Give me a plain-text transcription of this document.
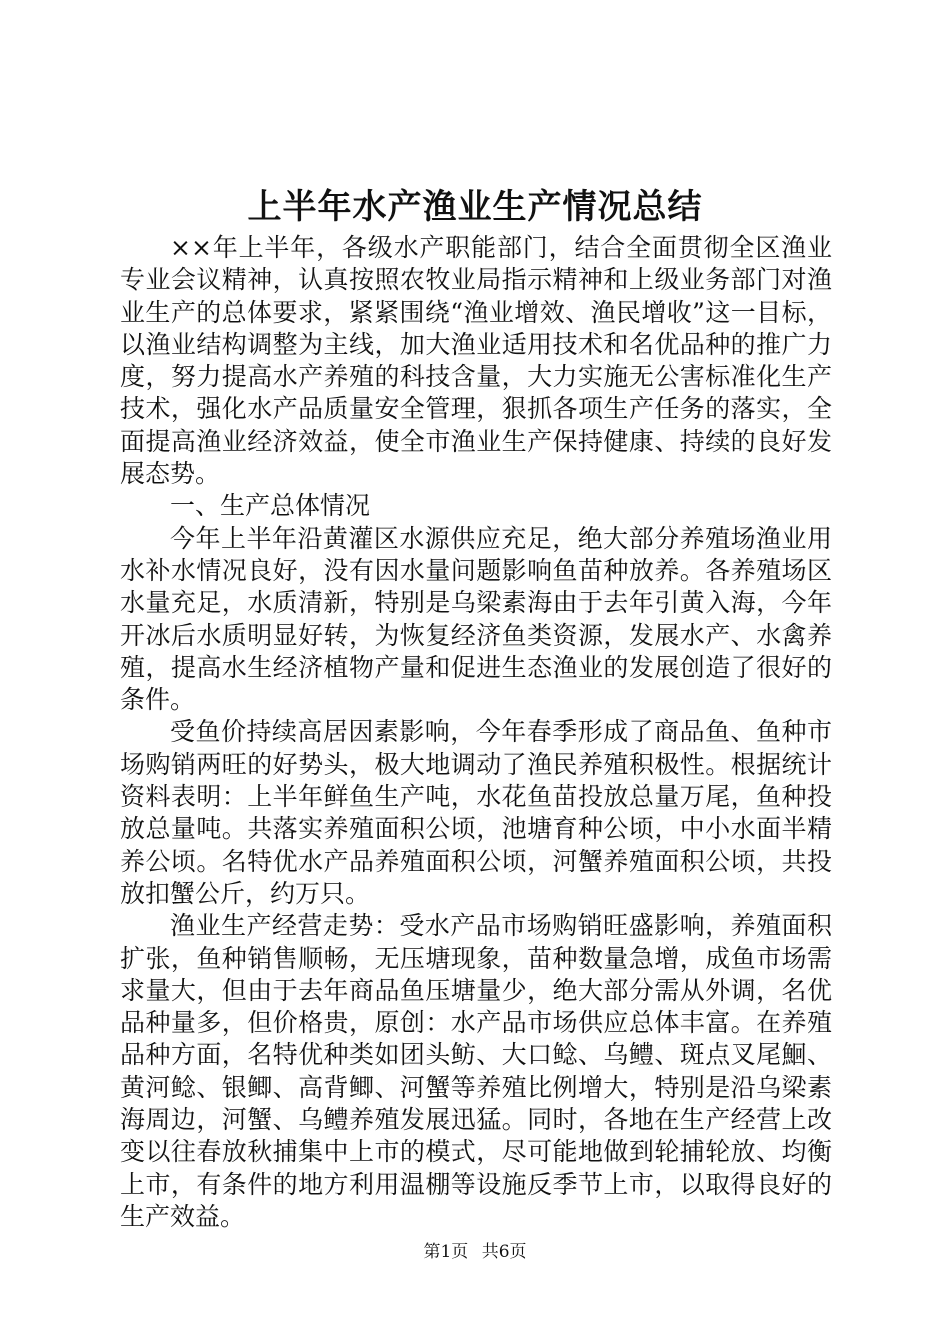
上半年水产渔业生产情况总结

××年上半年，各级水产职能部门，结合全面贯彻全区渔业专业会议精神，认真按照农牧业局指示精神和上级业务部门对渔业生产的总体要求，紧紧围绕“渔业增效、渔民增收”这一目标，以渔业结构调整为主线，加大渔业适用技术和名优品种的推广力度，努力提高水产养殖的科技含量，大力实施无公害标准化生产技术，强化水产品质量安全管理，狠抓各项生产任务的落实，全面提高渔业经济效益，使全市渔业生产保持健康、持续的良好发展态势。

一、生产总体情况

今年上半年沿黄灌区水源供应充足，绝大部分养殖场渔业用水补水情况良好，没有因水量问题影响鱼苗种放养。各养殖场区水量充足，水质清新，特别是乌梁素海由于去年引黄入海，今年开冰后水质明显好转，为恢复经济鱼类资源，发展水产、水禽养殖，提高水生经济植物产量和促进生态渔业的发展创造了很好的条件。

受鱼价持续高居因素影响，今年春季形成了商品鱼、鱼种市场购销两旺的好势头，极大地调动了渔民养殖积极性。根据统计资料表明：上半年鲜鱼生产吨，水花鱼苗投放总量万尾，鱼种投放总量吨。共落实养殖面积公顷，池塘育种公顷，中小水面半精养公顷。名特优水产品养殖面积公顷，河蟹养殖面积公顷，共投放扣蟹公斤，约万只。

渔业生产经营走势：受水产品市场购销旺盛影响，养殖面积扩张，鱼种销售顺畅，无压塘现象，苗种数量急增，成鱼市场需求量大，但由于去年商品鱼压塘量少，绝大部分需从外调，名优品种量多，但价格贵，原创：水产品市场供应总体丰富。在养殖品种方面，名特优种类如团头鲂、大口鲶、乌鳢、斑点叉尾鮰、黄河鲶、银鲫、高背鲫、河蟹等养殖比例增大，特别是沿乌梁素海周边，河蟹、乌鳢养殖发展迅猛。同时，各地在生产经营上改变以往春放秋捕集中上市的模式，尽可能地做到轮捕轮放、均衡上市，有条件的地方利用温棚等设施反季节上市，以取得良好的生产效益。

第1页 共6页
